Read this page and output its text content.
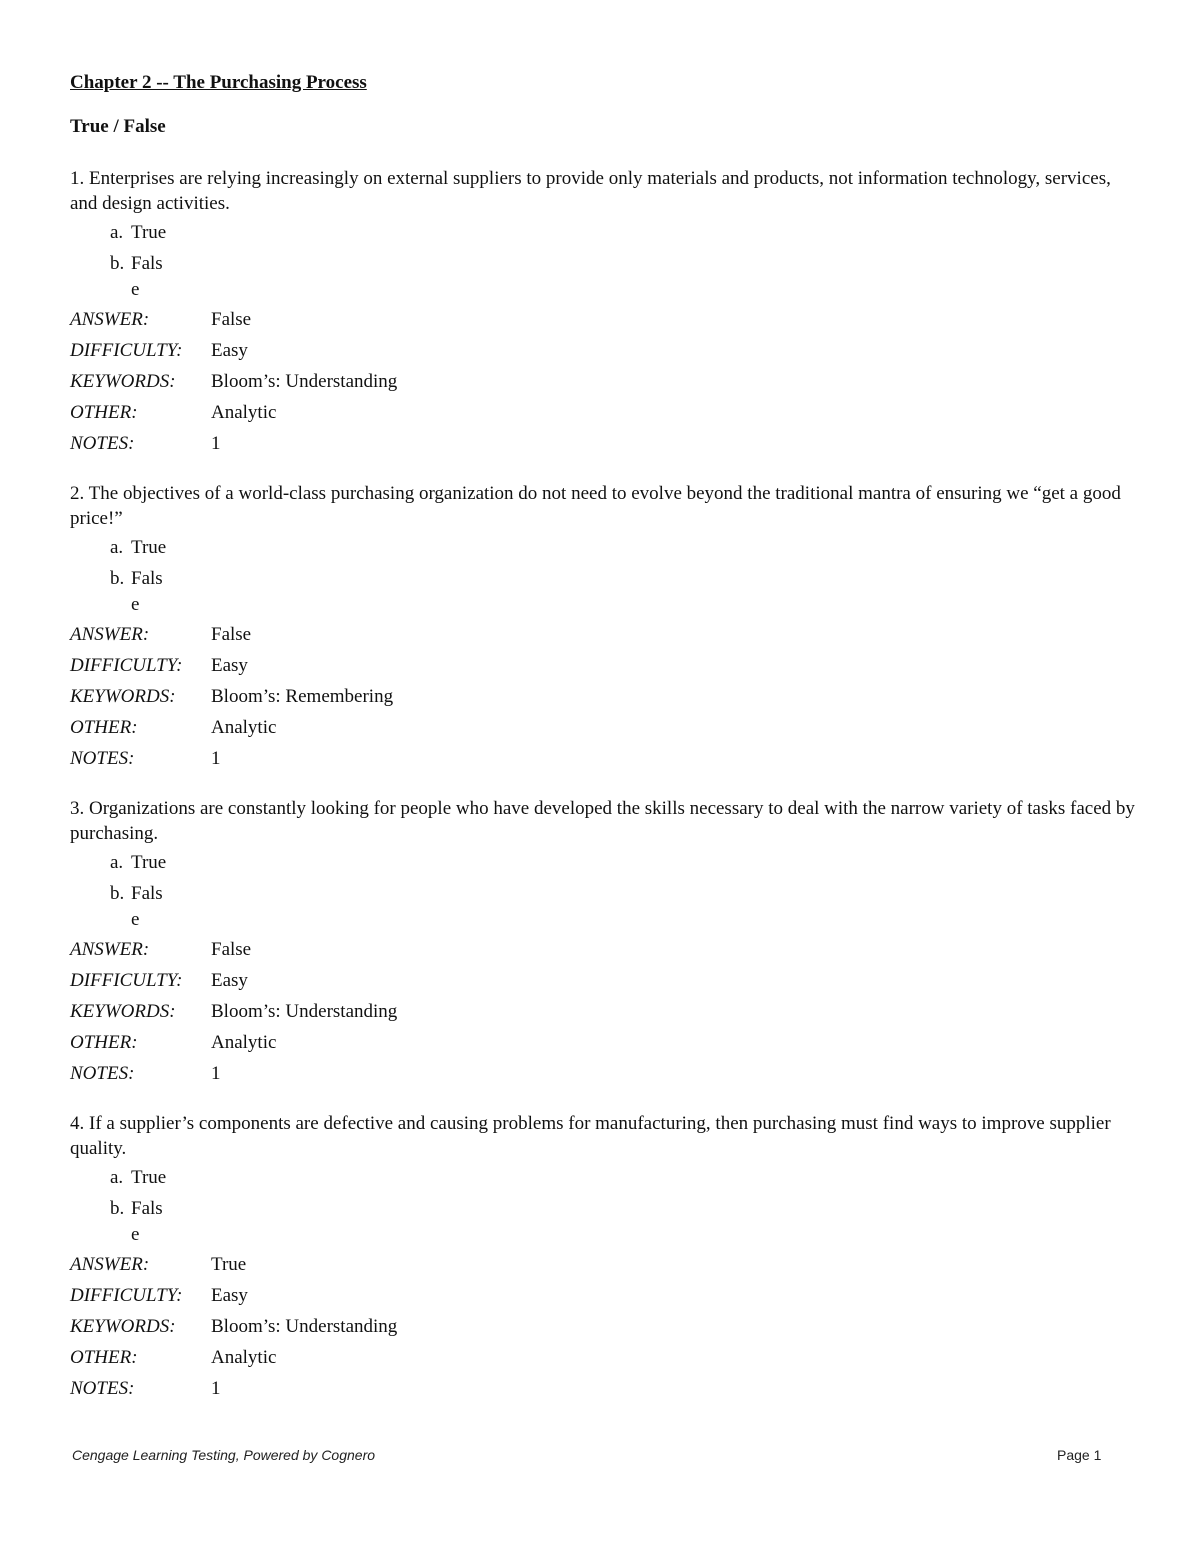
Chapter 2 -- The Purchasing Process
True / False

1. Enterprises are relying increasingly on external suppliers to provide only materials and products, not information technology, services, and design activities.

a. True
b. False
ANSWER:	False
DIFFICULTY: Easy
KEYWORDS: Bloom’s: Understanding
OTHER:	Analytic
NOTES:	1

2. The objectives of a world-class purchasing organization do not need to evolve beyond the traditional mantra of ensuring we “get a good price!”

a. True
b. False
ANSWER:	False
DIFFICULTY: Easy
KEYWORDS: Bloom’s: Remembering
OTHER:	Analytic
NOTES:	1

3. Organizations are constantly looking for people who have developed the skills necessary to deal with the narrow variety of tasks faced by purchasing.

a. True
b. False
ANSWER:	False
DIFFICULTY: Easy
KEYWORDS: Bloom’s: Understanding
OTHER:	Analytic
NOTES:	1

4. If a supplier’s components are defective and causing problems for manufacturing, then purchasing must find ways to improve supplier quality.

a. True
b. False
ANSWER:	True
DIFFICULTY: Easy
KEYWORDS: Bloom’s: Understanding
OTHER:	Analytic
NOTES:	1
Cengage Learning Testing, Powered by Cognero	Page 1
